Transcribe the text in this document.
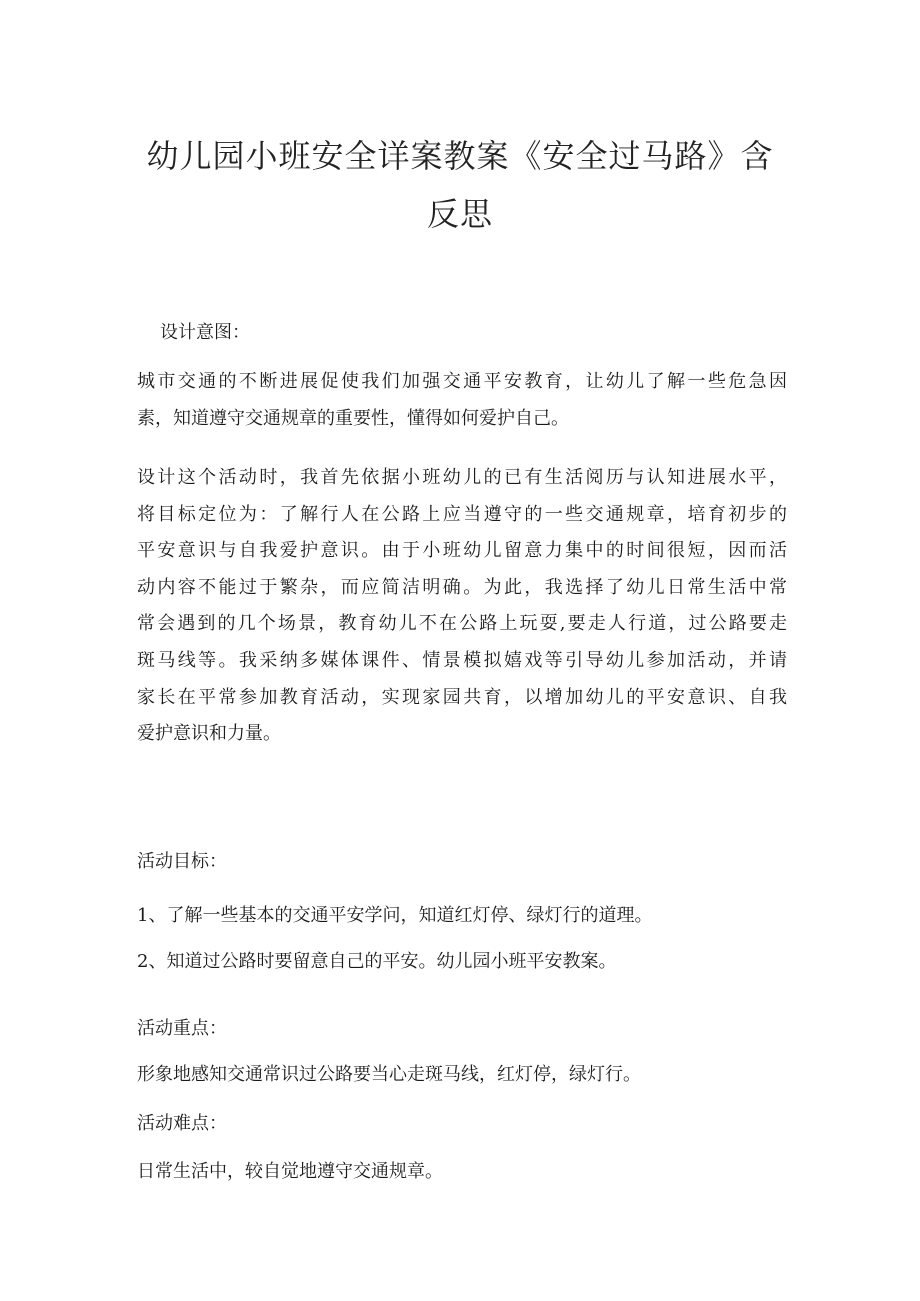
幼儿园小班安全详案教案《安全过马路》含
反思
设计意图：
城市交通的不断进展促使我们加强交通平安教育，让幼儿了解一些危急因
素，知道遵守交通规章的重要性，懂得如何爱护自己。
设计这个活动时，我首先依据小班幼儿的已有生活阅历与认知进展水平，
将目标定位为：了解行人在公路上应当遵守的一些交通规章，培育初步的
平安意识与自我爱护意识。由于小班幼儿留意力集中的时间很短，因而活
动内容不能过于繁杂，而应简洁明确。为此，我选择了幼儿日常生活中常
常会遇到的几个场景，教育幼儿不在公路上玩耍,要走人行道，过公路要走
斑马线等。我采纳多媒体课件、情景模拟嬉戏等引导幼儿参加活动，并请
家长在平常参加教育活动，实现家园共育，以增加幼儿的平安意识、自我
爱护意识和力量。
活动目标：
1、了解一些基本的交通平安学问，知道红灯停、绿灯行的道理。
2、知道过公路时要留意自己的平安。幼儿园小班平安教案。
活动重点：
形象地感知交通常识过公路要当心走斑马线，红灯停，绿灯行。
活动难点：
日常生活中，较自觉地遵守交通规章。
